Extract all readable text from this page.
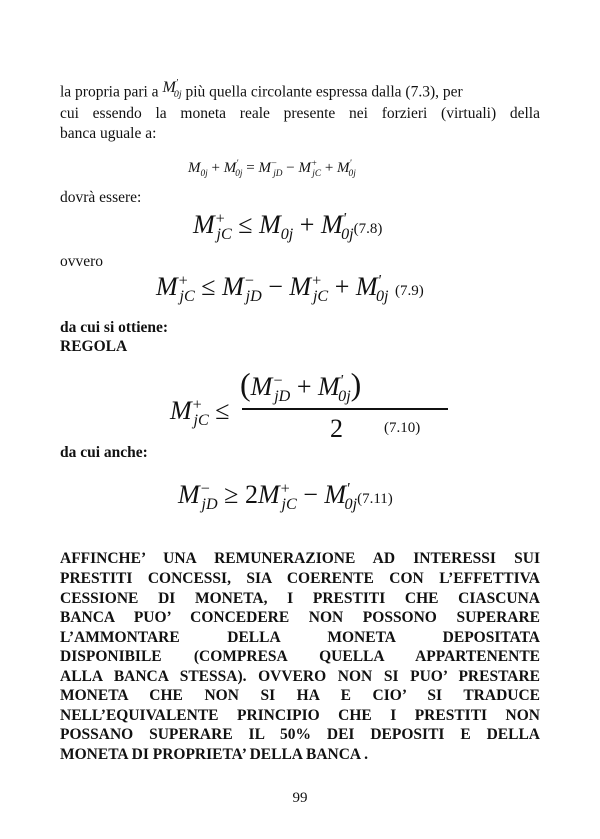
la propria pari a $M'_{0j}$ più quella circolante espressa dalla (7.3), per
cui essendo la moneta reale presente nei forzieri (virtuali) della
banca uguale a:
$M_{0j} + M'_{0j} = M^-_{jD} - M^+_{jC} + M'_{0j}$
dovrà essere:
$M^+_{jC} \le M_{0j} + M'_{0j}(7.8)$
ovvero
$M^+_{jC} \le M^-_{jD} - M^+_{jC} + M'_{0j}$ (7.9)
da cui si ottiene:
REGOLA
$M^+_{jC}$ ≤
$(M^-_{jD} + M'_{0j})$
2	(7.10)
da cui anche:
$M^-_{jD} \ge 2M^+_{jC} - M'_{0j}(7.11)$
AFFINCHE’ UNA REMUNERAZIONE AD INTERESSI SUI
PRESTITI CONCESSI, SIA COERENTE CON L’EFFETTIVA
CESSIONE DI MONETA, I PRESTITI CHE CIASCUNA
BANCA PUO’ CONCEDERE NON POSSONO SUPERARE
L’AMMONTARE DELLA MONETA DEPOSITATA
DISPONIBILE (COMPRESA QUELLA APPARTENENTE
ALLA BANCA STESSA). OVVERO NON SI PUO’ PRESTARE
MONETA CHE NON SI HA E CIO’ SI TRADUCE
NELL’EQUIVALENTE PRINCIPIO CHE I PRESTITI NON
POSSANO SUPERARE IL 50% DEI DEPOSITI E DELLA
MONETA DI PROPRIETA’ DELLA BANCA .
99
